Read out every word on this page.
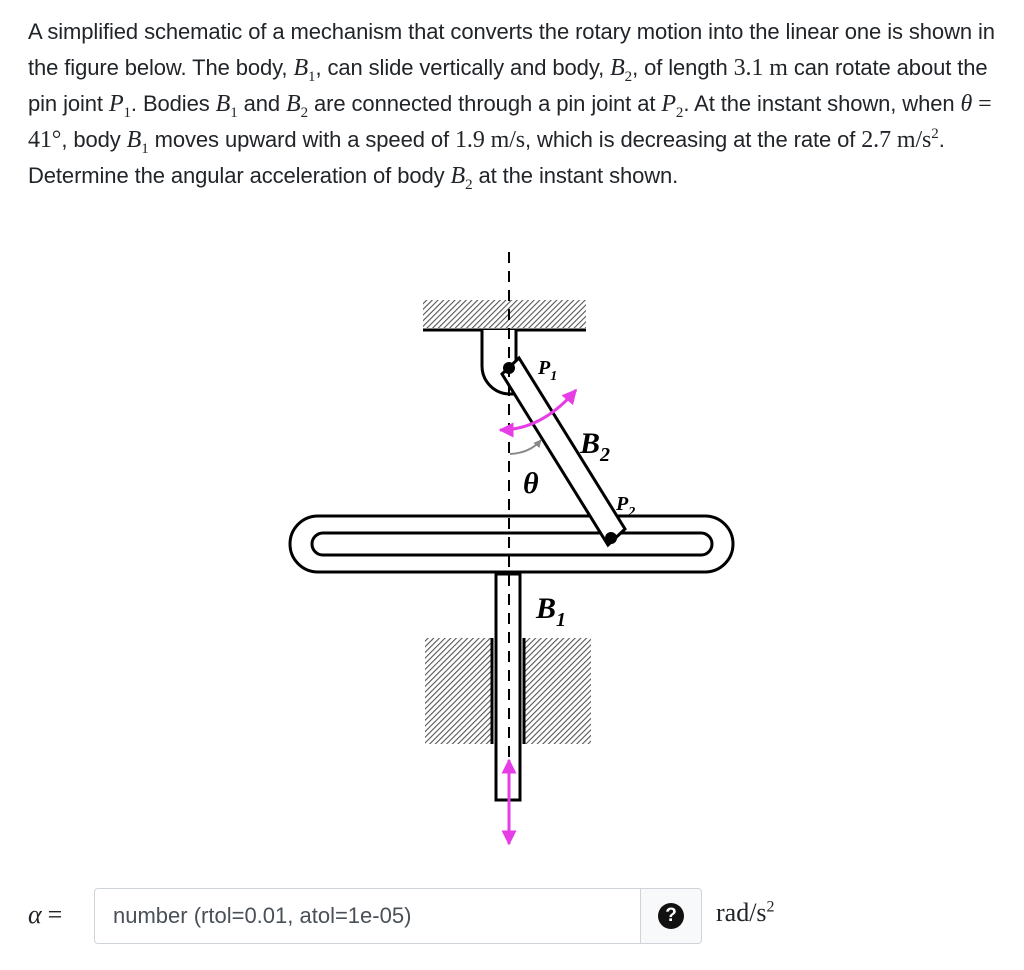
A simplified schematic of a mechanism that converts the rotary motion into the linear one is shown in the figure below. The body, $B_1$, can slide vertically and body, $B_2$, of length 3.1 m can rotate about the pin joint $P_1$. Bodies $B_1$ and $B_2$ are connected through a pin joint at $P_2$. At the instant shown, when θ = 41°, body $B_1$ moves upward with a speed of 1.9 m/s, which is decreasing at the rate of 2.7 $m/s^2$. Determine the angular acceleration of body $B_2$ at the instant shown.
$P_1$
$B_2$
θ
$P_2$
$B_1$
α =
number (rtol=0.01, atol=1e-05)	? rad/$s^2$
